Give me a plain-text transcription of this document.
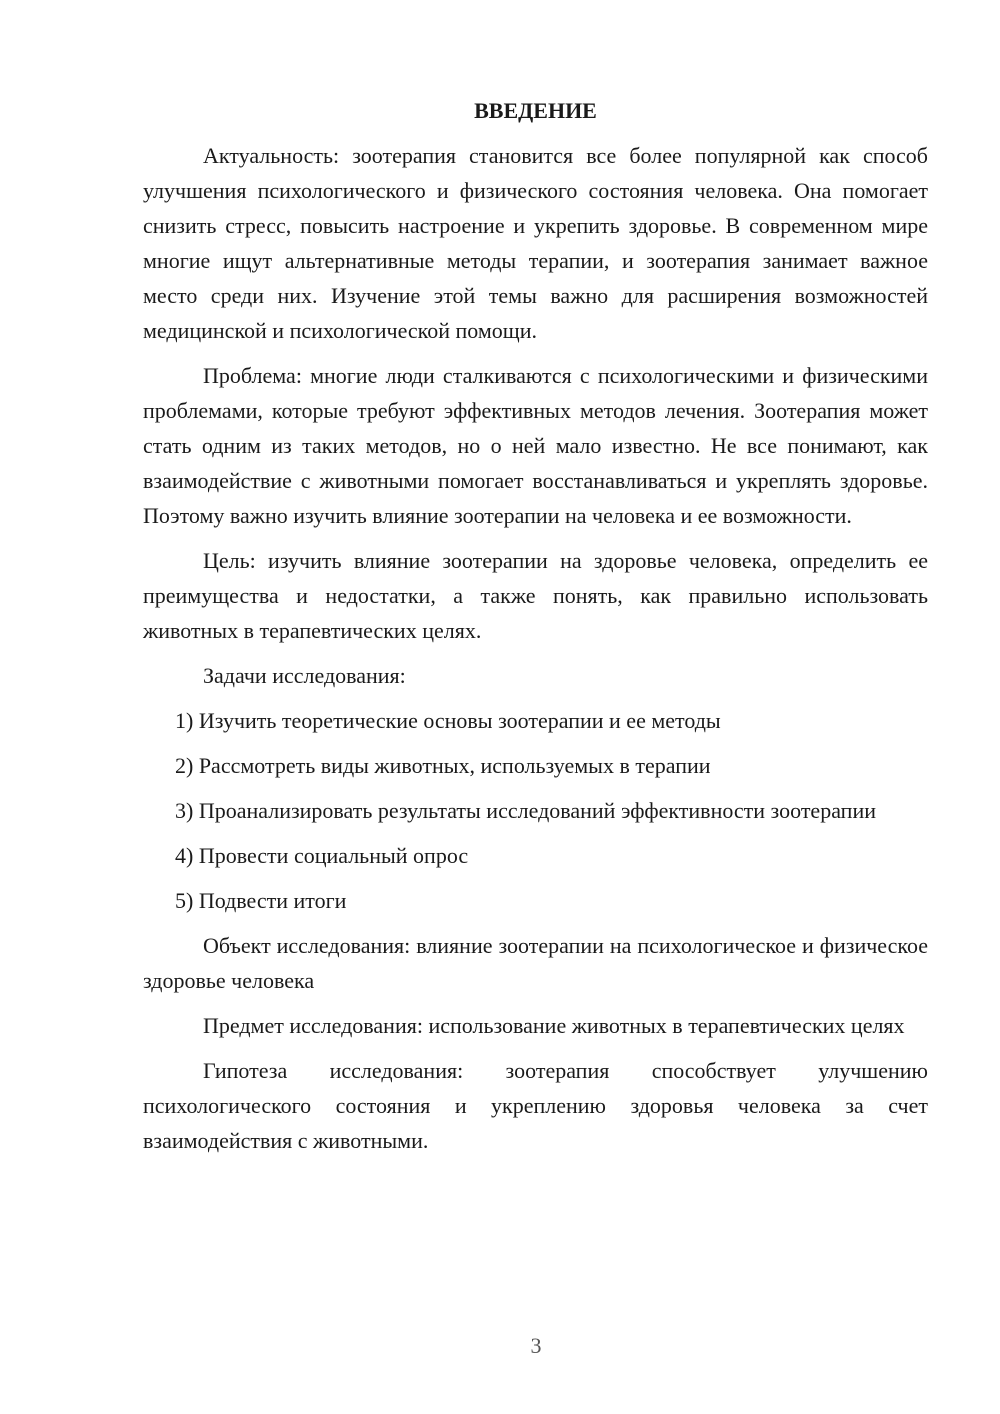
ВВЕДЕНИЕ

Актуальность: зоотерапия становится все более популярной как способ улучшения психологического и физического состояния человека. Она помогает снизить стресс, повысить настроение и укрепить здоровье. В современном мире многие ищут альтернативные методы терапии, и зоотерапия занимает важное место среди них. Изучение этой темы важно для расширения возможностей медицинской и психологической помощи.

Проблема: многие люди сталкиваются с психологическими и физическими проблемами, которые требуют эффективных методов лечения. Зоотерапия может стать одним из таких методов, но о ней мало известно. Не все понимают, как взаимодействие с животными помогает восстанавливаться и укреплять здоровье. Поэтому важно изучить влияние зоотерапии на человека и ее возможности.

Цель: изучить влияние зоотерапии на здоровье человека, определить ее преимущества и недостатки, а также понять, как правильно использовать животных в терапевтических целях.

Задачи исследования:

1) Изучить теоретические основы зоотерапии и ее методы

2) Рассмотреть виды животных, используемых в терапии

3) Проанализировать результаты исследований эффективности зоотерапии

4) Провести социальный опрос

5) Подвести итоги

Объект исследования: влияние зоотерапии на психологическое и физическое здоровье человека

Предмет исследования: использование животных в терапевтических целях

Гипотеза исследования: зоотерапия способствует улучшению психологического состояния и укреплению здоровья человека за счет взаимодействия с животными.

3
